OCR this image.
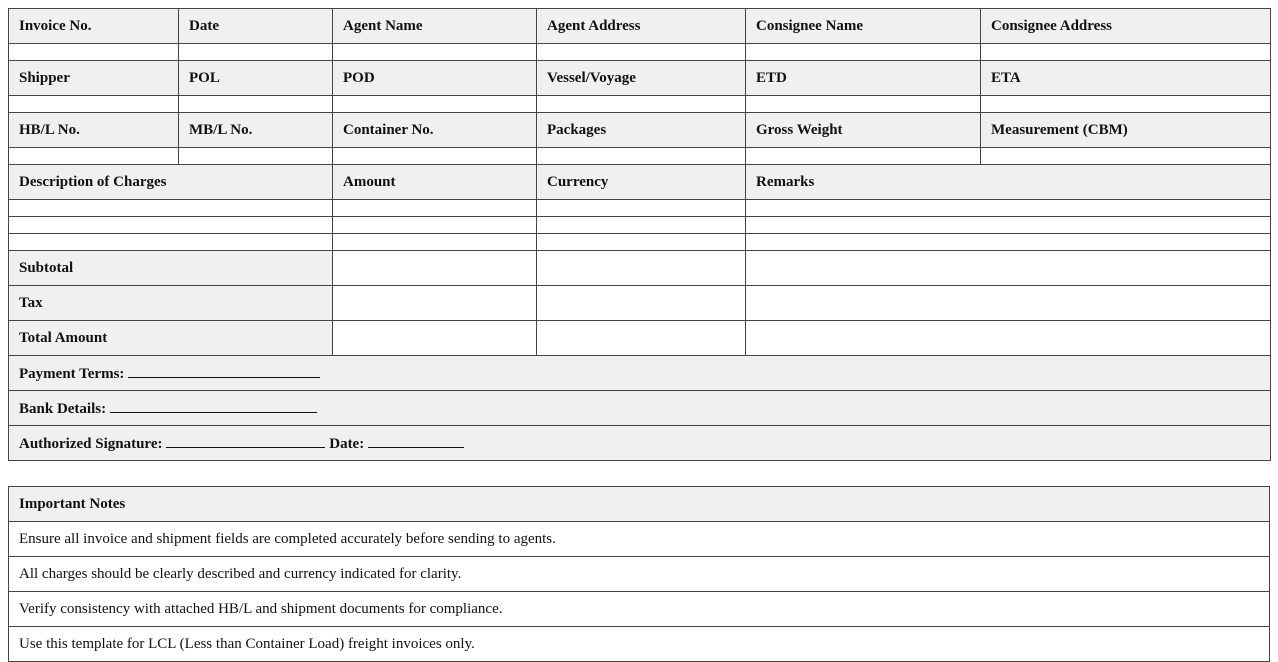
Invoice No.	Date	Agent Name	Agent Address	Consignee Name	Consignee Address

Shipper	POL	POD	Vessel/Voyage	ETD	ETA

HB/L No.	MB/L No.	Container No.	Packages	Gross Weight	Measurement (CBM)

Description of Charges		Amount	Currency	Remarks	

Subtotal					
Tax					
Total Amount					
Payment Terms:					
Bank Details:					
Authorized Signature: Date:					
Important Notes
Ensure all invoice and shipment fields are completed accurately before sending to agents.
All charges should be clearly described and currency indicated for clarity.
Verify consistency with attached HB/L and shipment documents for compliance.
Use this template for LCL (Less than Container Load) freight invoices only.
